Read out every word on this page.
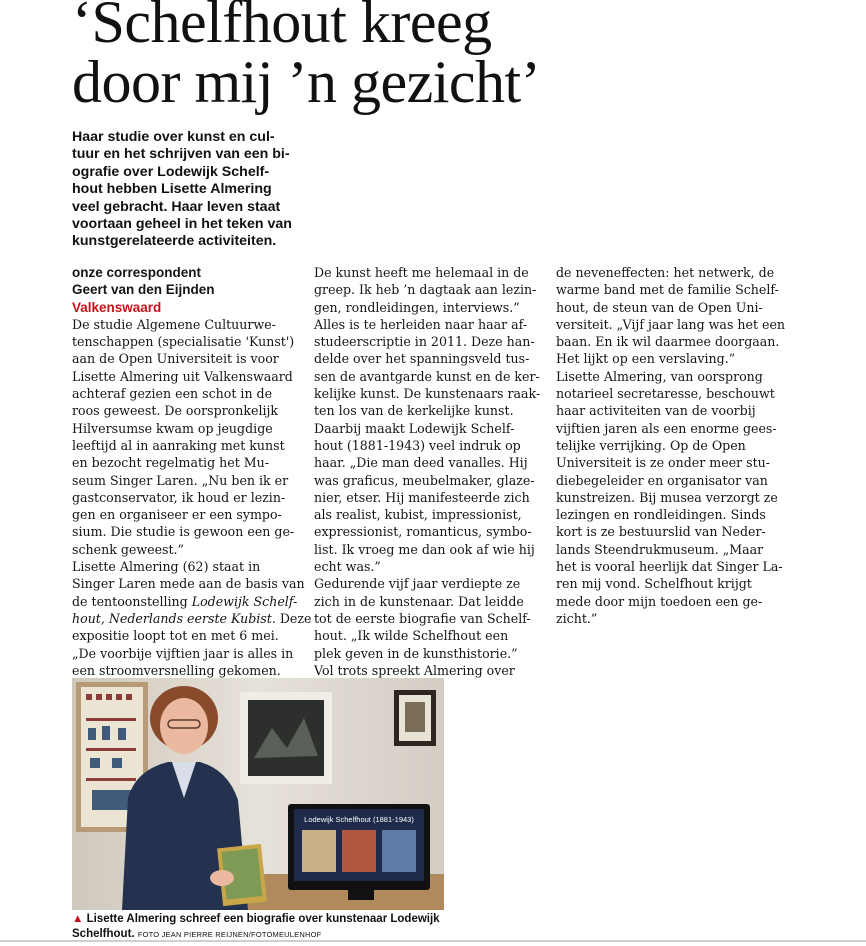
‘Schelfhout kreeg
door mij ’n gezicht’
Haar studie over kunst en cul-
tuur en het schrijven van een bi-
ografie over Lodewijk Schelf-
hout hebben Lisette Almering
veel gebracht. Haar leven staat
voortaan geheel in het teken van
kunstgerelateerde activiteiten.
onze correspondent
Geert van den Eijnden
Valkenswaard
De studie Algemene Cultuurwe-
tenschappen (specialisatie 'Kunst')
aan de Open Universiteit is voor
Lisette Almering uit Valkenswaard
achteraf gezien een schot in de
roos geweest. De oorspronkelijk
Hilversumse kwam op jeugdige
leeftijd al in aanraking met kunst
en bezocht regelmatig het Mu-
seum Singer Laren. „Nu ben ik er
gastconservator, ik houd er lezin-
gen en organiseer er een sympo-
sium. Die studie is gewoon een ge-
schenk geweest.”
Lisette Almering (62) staat in
Singer Laren mede aan de basis van
de tentoonstelling Lodewijk Schelf-
hout, Nederlands eerste Kubist. Deze
expositie loopt tot en met 6 mei.
„De voorbije vijftien jaar is alles in
een stroomversnelling gekomen.
De kunst heeft me helemaal in de
greep. Ik heb ’n dagtaak aan lezin-
gen, rondleidingen, interviews.”
Alles is te herleiden naar haar af-
studeerscriptie in 2011. Deze han-
delde over het spanningsveld tus-
sen de avantgarde kunst en de ker-
kelijke kunst. De kunstenaars raak-
ten los van de kerkelijke kunst.
Daarbij maakt Lodewijk Schelf-
hout (1881-1943) veel indruk op
haar. „Die man deed vanalles. Hij
was graficus, meubelmaker, glaze-
nier, etser. Hij manifesteerde zich
als realist, kubist, impressionist,
expressionist, romanticus, symbo-
list. Ik vroeg me dan ook af wie hij
echt was.”
Gedurende vijf jaar verdiepte ze
zich in de kunstenaar. Dat leidde
tot de eerste biografie van Schelf-
hout. „Ik wilde Schelfhout een
plek geven in de kunsthistorie.”
Vol trots spreekt Almering over
de neveneffecten: het netwerk, de
warme band met de familie Schelf-
hout, de steun van de Open Uni-
versiteit. „Vijf jaar lang was het een
baan. En ik wil daarmee doorgaan.
Het lijkt op een verslaving.”
Lisette Almering, van oorsprong
notarieel secretaresse, beschouwt
haar activiteiten van de voorbij
vijftien jaren als een enorme gees-
telijke verrijking. Op de Open
Universiteit is ze onder meer stu-
diebegeleider en organisator van
kunstreizen. Bij musea verzorgt ze
lezingen en rondleidingen. Sinds
kort is ze bestuurslid van Neder-
lands Steendrukmuseum. „Maar
het is vooral heerlijk dat Singer La-
ren mij vond. Schelfhout krijgt
mede door mijn toedoen een ge-
zicht.”
Lodewijk Schelfhout (1881-1943)
▲ Lisette Almering schreef een biografie over kunstenaar Lodewijk
Schelfhout. FOTO JEAN PIERRE REIJNEN/FOTOMEULENHOF
